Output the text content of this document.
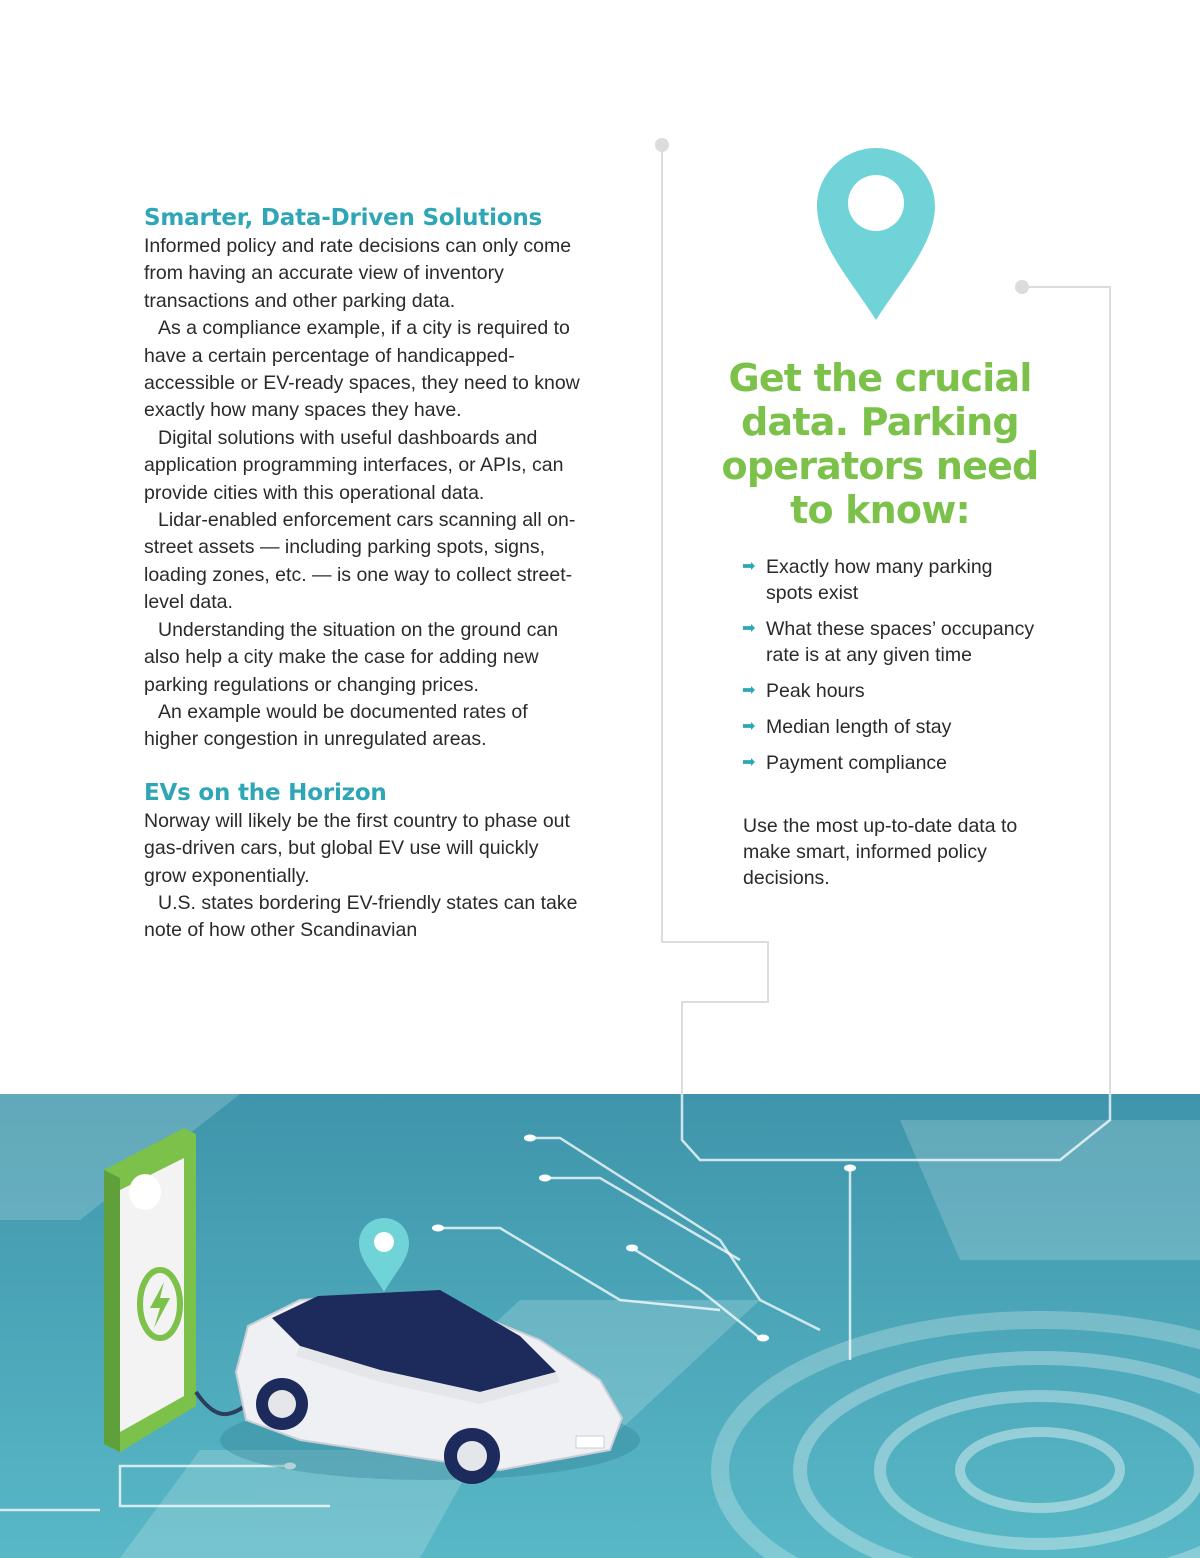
Smarter, Data-Driven Solutions

Informed policy and rate decisions can only come from having an accurate view of inventory transactions and other parking data.

As a compliance example, if a city is required to have a certain percentage of handicapped-accessible or EV-ready spaces, they need to know exactly how many spaces they have.

Digital solutions with useful dashboards and application programming interfaces, or APIs, can provide cities with this operational data.

Lidar-enabled enforcement cars scanning all on-street assets — including parking spots, signs, loading zones, etc. — is one way to collect street-level data.

Understanding the situation on the ground can also help a city make the case for adding new parking regulations or changing prices.

An example would be documented rates of higher congestion in unregulated areas.

EVs on the Horizon

Norway will likely be the first country to phase out gas-driven cars, but global EV use will quickly grow exponentially.

U.S. states bordering EV-friendly states can take note of how other Scandinavian

Get the crucial data. Parking operators need to know:
➡ Exactly how many parking spots exist
➡ What these spaces’ occupancy rate is at any given time
➡ Peak hours
➡ Median length of stay
➡ Payment compliance

Use the most up-to-date data to make smart, informed policy decisions.
